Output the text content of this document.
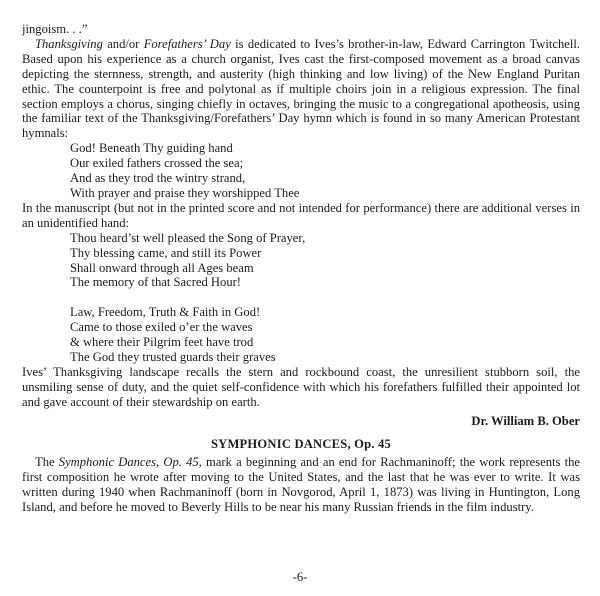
jingoism. . .”

Thanksgiving and/or Forefathers’ Day is dedicated to Ives’s brother-in-law, Edward Carrington Twitchell. Based upon his experience as a church organist, Ives cast the first-composed movement as a broad canvas depicting the sternness, strength, and austerity (high thinking and low living) of the New England Puritan ethic. The counterpoint is free and polytonal as if multiple choirs join in a religious expression. The final section employs a chorus, singing chiefly in octaves, bringing the music to a congregational apotheosis, using the familiar text of the Thanksgiving/Forefathers’ Day hymn which is found in so many American Protestant hymnals:

God! Beneath Thy guiding hand
Our exiled fathers crossed the sea;
And as they trod the wintry strand,
With prayer and praise they worshipped Thee

In the manuscript (but not in the printed score and not intended for performance) there are additional verses in an unidentified hand:

Thou heard’st well pleased the Song of Prayer,
Thy blessing came, and still its Power
Shall onward through all Ages beam
The memory of that Sacred Hour!
Law, Freedom, Truth & Faith in God!
Came to those exiled o’er the waves
& where their Pilgrim feet have trod
The God they trusted guards their graves

Ives’ Thanksgiving landscape recalls the stern and rockbound coast, the unresilient stubborn soil, the unsmiling sense of duty, and the quiet self-confidence with which his forefathers fulfilled their appointed lot and gave account of their stewardship on earth.

Dr. William B. Ober
SYMPHONIC DANCES, Op. 45

The Symphonic Dances, Op. 45, mark a beginning and an end for Rachmaninoff; the work represents the first composition he wrote after moving to the United States, and the last that he was ever to write. It was written during 1940 when Rachmaninoff (born in Novgorod, April 1, 1873) was living in Huntington, Long Island, and before he moved to Beverly Hills to be near his many Russian friends in the film industry.

-6-
